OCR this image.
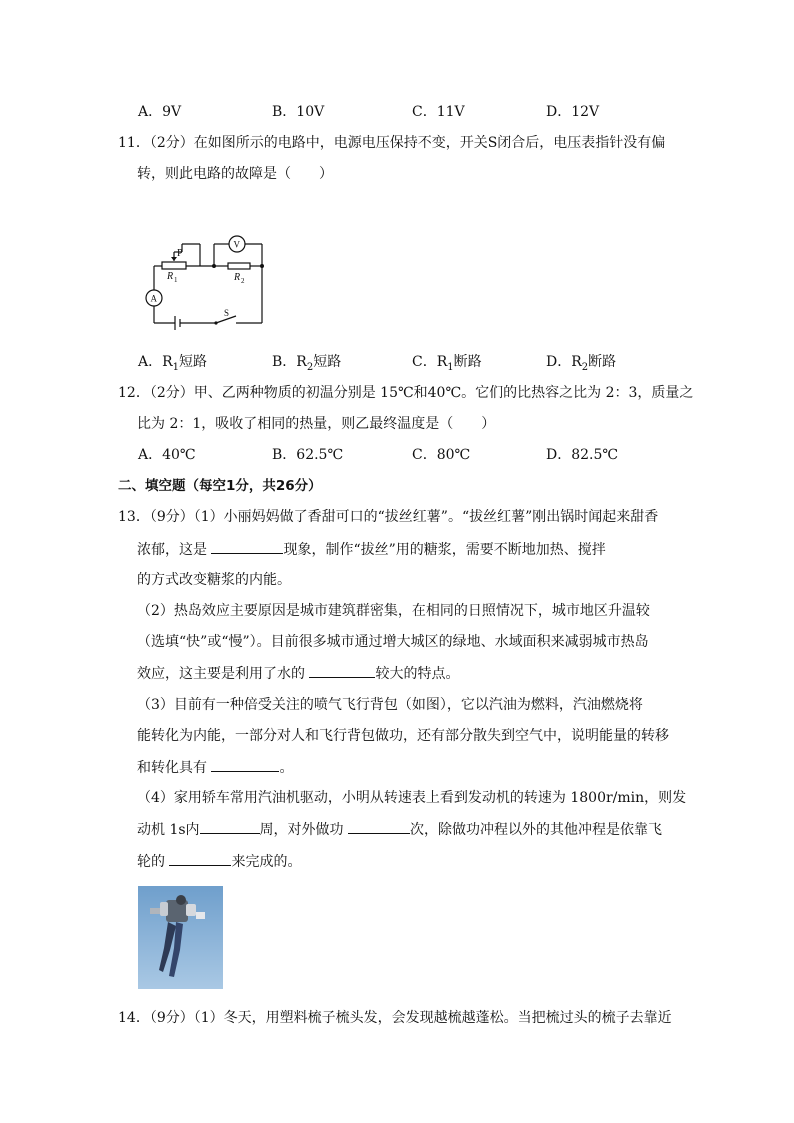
A．9V	B．10V	C．11V	D．12V
11．（2分）在如图所示的电路中，电源电压保持不变，开关S闭合后，电压表指针没有偏
转，则此电路的故障是（　　）
P
R 1	R 2
V
A
S
A．$R_1$短路	B．$R_2$短路	C．$R_1$断路	D．$R_2$断路
12．（2分）甲、乙两种物质的初温分别是 15℃和40℃。它们的比热容之比为 2：3，质量之
比为 2：1，吸收了相同的热量，则乙最终温度是（　　）
A．40℃	B．62.5℃	C．80℃	D．82.5℃
二、填空题（每空1分，共26分）
13．（9分）（1）小丽妈妈做了香甜可口的“拔丝红薯”。“拔丝红薯”刚出锅时闻起来甜香
浓郁，这是	现象，制作“拔丝”用的糖浆，需要不断地加热、搅拌
的方式改变糖浆的内能。
（2）热岛效应主要原因是城市建筑群密集，在相同的日照情况下，城市地区升温较
（选填“快”或“慢”）。目前很多城市通过增大城区的绿地、水域面积来减弱城市热岛
效应，这主要是利用了水的	较大的特点。
（3）目前有一种倍受关注的喷气飞行背包（如图），它以汽油为燃料，汽油燃烧将
能转化为内能，一部分对人和飞行背包做功，还有部分散失到空气中，说明能量的转移
和转化具有	。
（4）家用轿车常用汽油机驱动，小明从转速表上看到发动机的转速为 1800r/min，则发
动机 1s内	周，对外做功	次，除做功冲程以外的其他冲程是依靠飞
轮的	来完成的。
14．（9分）（1）冬天，用塑料梳子梳头发，会发现越梳越蓬松。当把梳过头的梳子去靠近
